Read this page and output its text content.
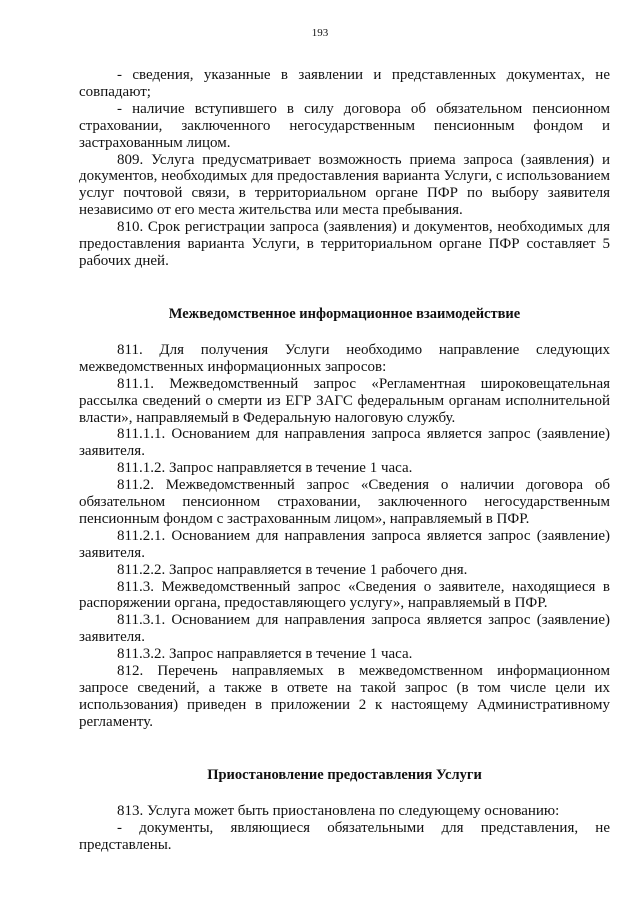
193

- сведения, указанные в заявлении и представленных документах, не совпадают;

- наличие вступившего в силу договора об обязательном пенсионном страховании, заключенного негосударственным пенсионным фондом и застрахованным лицом.

809. Услуга предусматривает возможность приема запроса (заявления) и документов, необходимых для предоставления варианта Услуги, с использованием услуг почтовой связи, в территориальном органе ПФР по выбору заявителя независимо от его места жительства или места пребывания.

810. Срок регистрации запроса (заявления) и документов, необходимых для предоставления варианта Услуги, в территориальном органе ПФР составляет 5 рабочих дней.

Межведомственное информационное взаимодействие

811. Для получения Услуги необходимо направление следующих межведомственных информационных запросов:

811.1. Межведомственный запрос «Регламентная широковещательная рассылка сведений о смерти из ЕГР ЗАГС федеральным органам исполнительной власти», направляемый в Федеральную налоговую службу.

811.1.1. Основанием для направления запроса является запрос (заявление) заявителя.

811.1.2. Запрос направляется в течение 1 часа.

811.2. Межведомственный запрос «Сведения о наличии договора об обязательном пенсионном страховании, заключенного негосударственным пенсионным фондом с застрахованным лицом», направляемый в ПФР.

811.2.1. Основанием для направления запроса является запрос (заявление) заявителя.

811.2.2. Запрос направляется в течение 1 рабочего дня.

811.3. Межведомственный запрос «Сведения о заявителе, находящиеся в распоряжении органа, предоставляющего услугу», направляемый в ПФР.

811.3.1. Основанием для направления запроса является запрос (заявление) заявителя.

811.3.2. Запрос направляется в течение 1 часа.

812. Перечень направляемых в межведомственном информационном запросе сведений, а также в ответе на такой запрос (в том числе цели их использования) приведен в приложении 2 к настоящему Административному регламенту.

Приостановление предоставления Услуги

813. Услуга может быть приостановлена по следующему основанию:

- документы, являющиеся обязательными для представления, не представлены.
